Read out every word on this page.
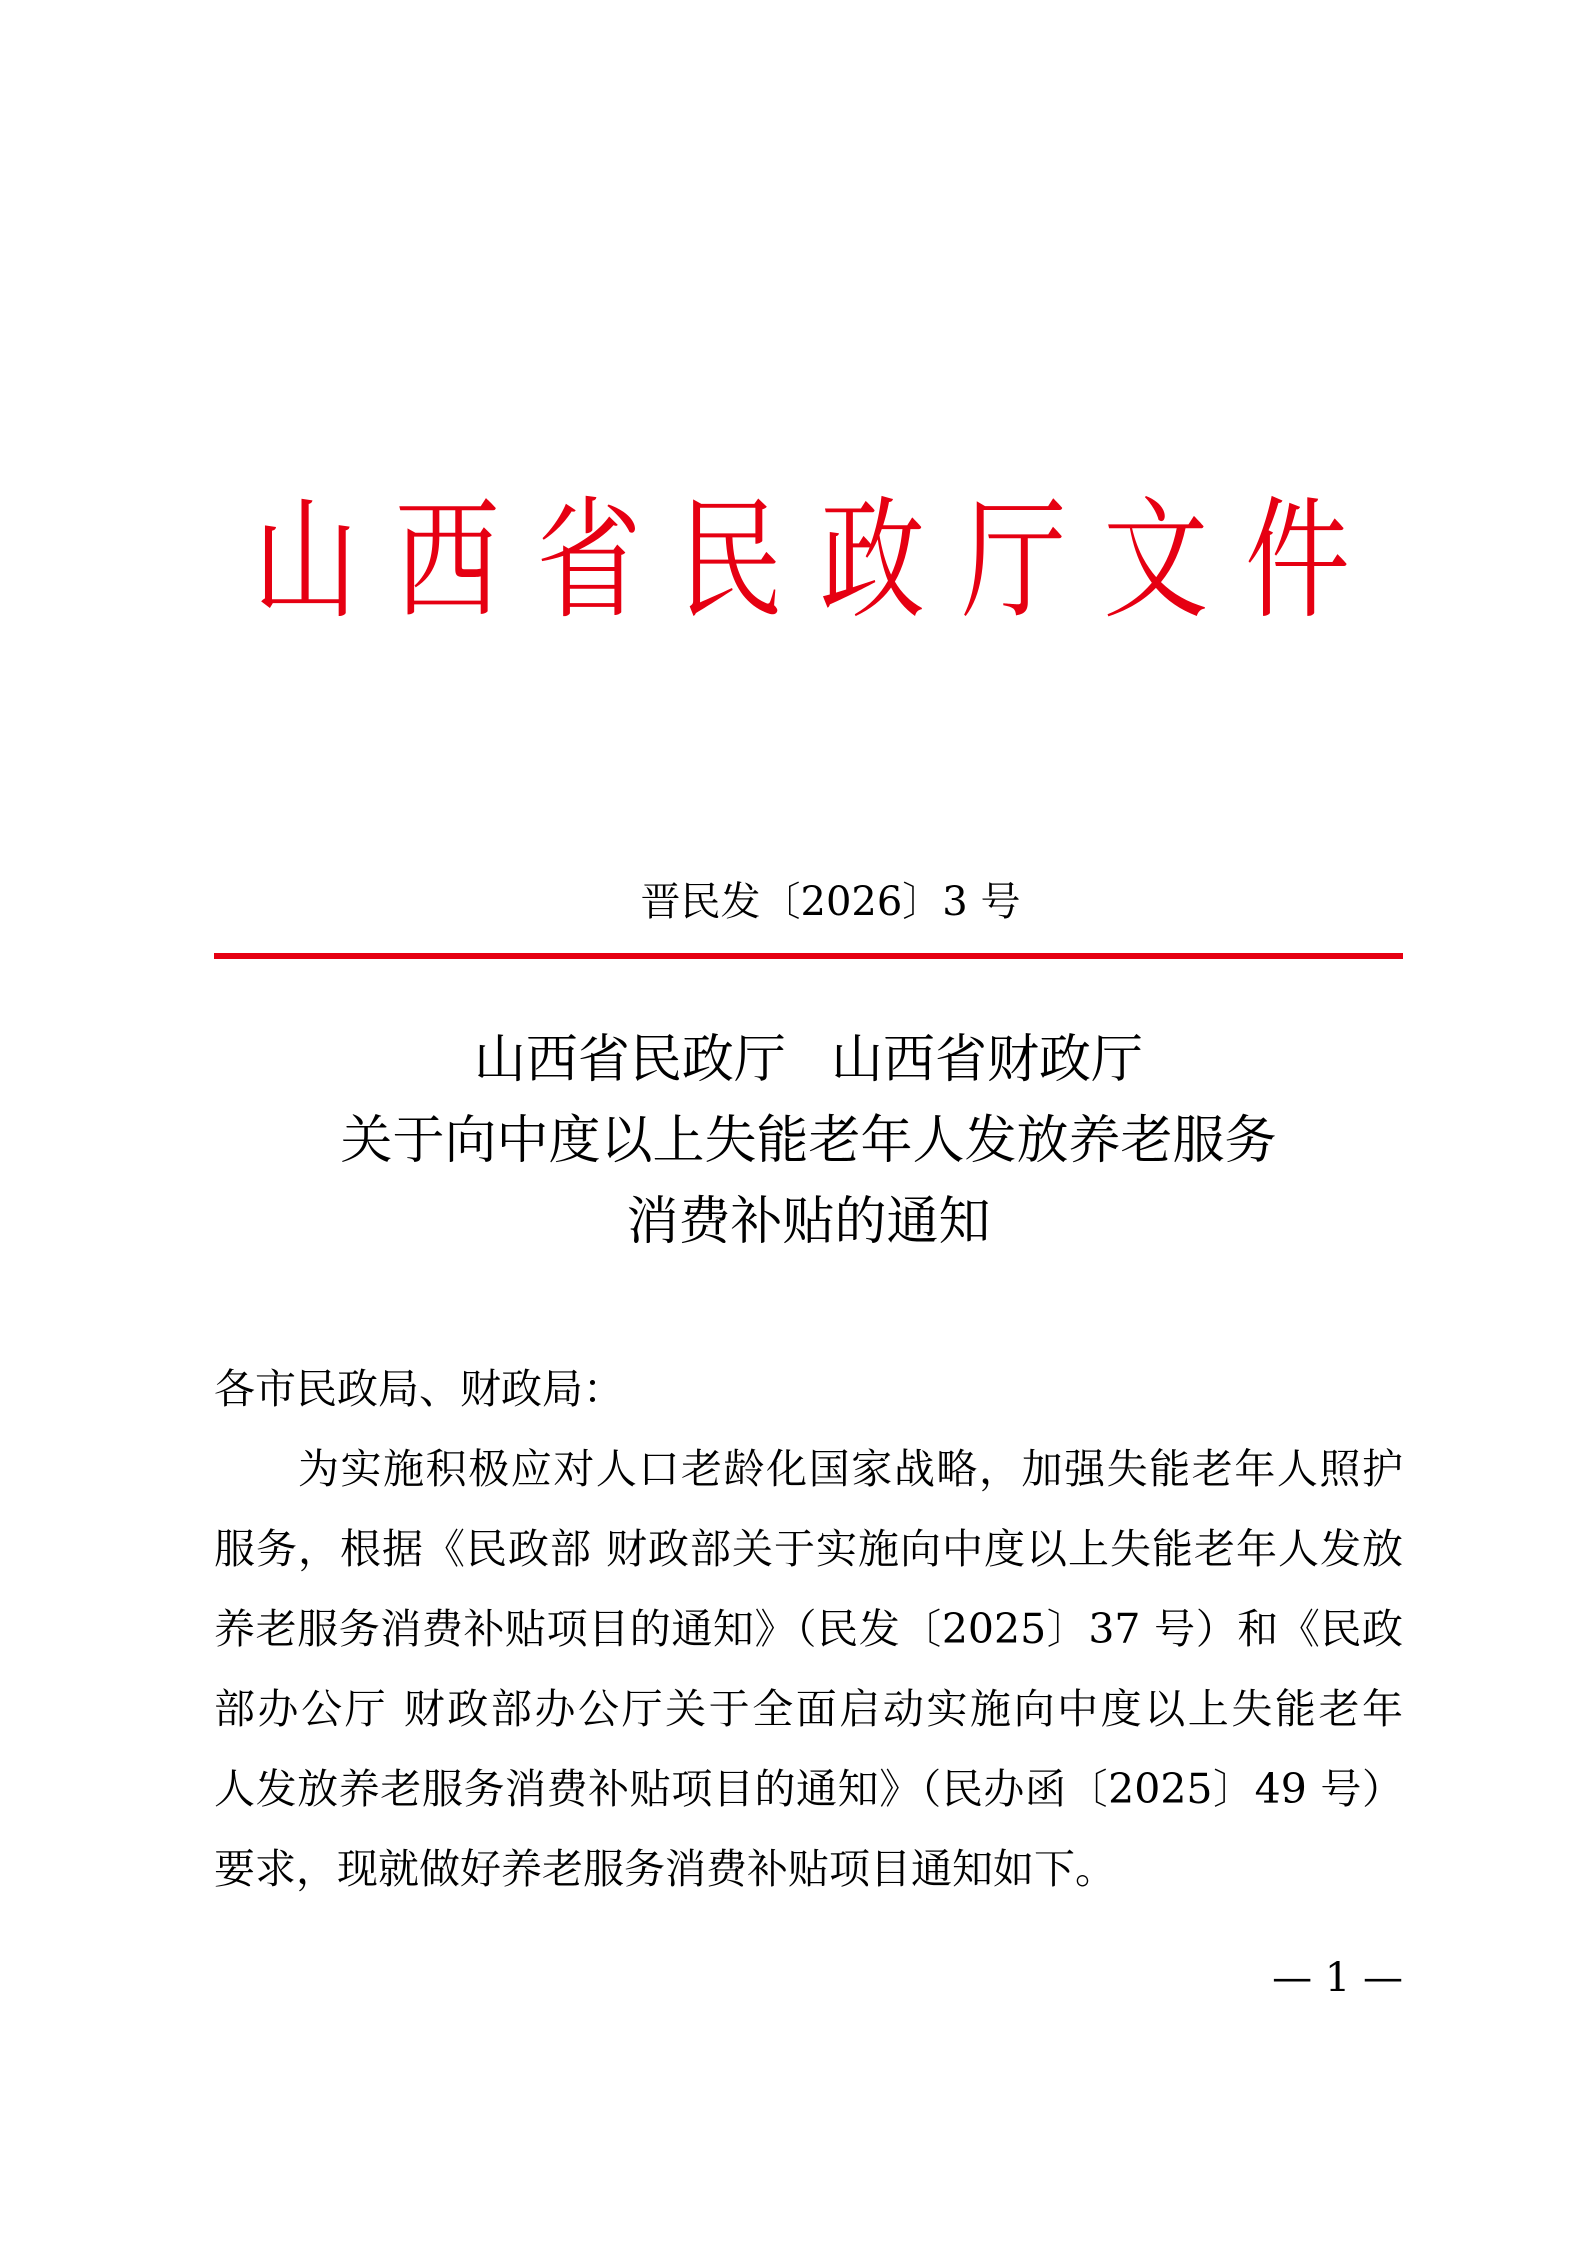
山 西 省 民 政 厅 文 件
晋民发〔2026〕3 号
山西省民政厅 山西省财政厅
关于向中度以上失能老年人发放养老服务
消费补贴的通知
各市民政局、财政局：
为实施积极应对人口老龄化国家战略，加强失能老年人照护
服务，根据《民政部 财政部关于实施向中度以上失能老年人发放
养老服务消费补贴项目的通知》（民发〔2025〕37 号）和《民政
部办公厅 财政部办公厅关于全面启动实施向中度以上失能老年
人发放养老服务消费补贴项目的通知》（民办函〔2025〕49 号）
要求，现就做好养老服务消费补贴项目通知如下。
— 1 —
